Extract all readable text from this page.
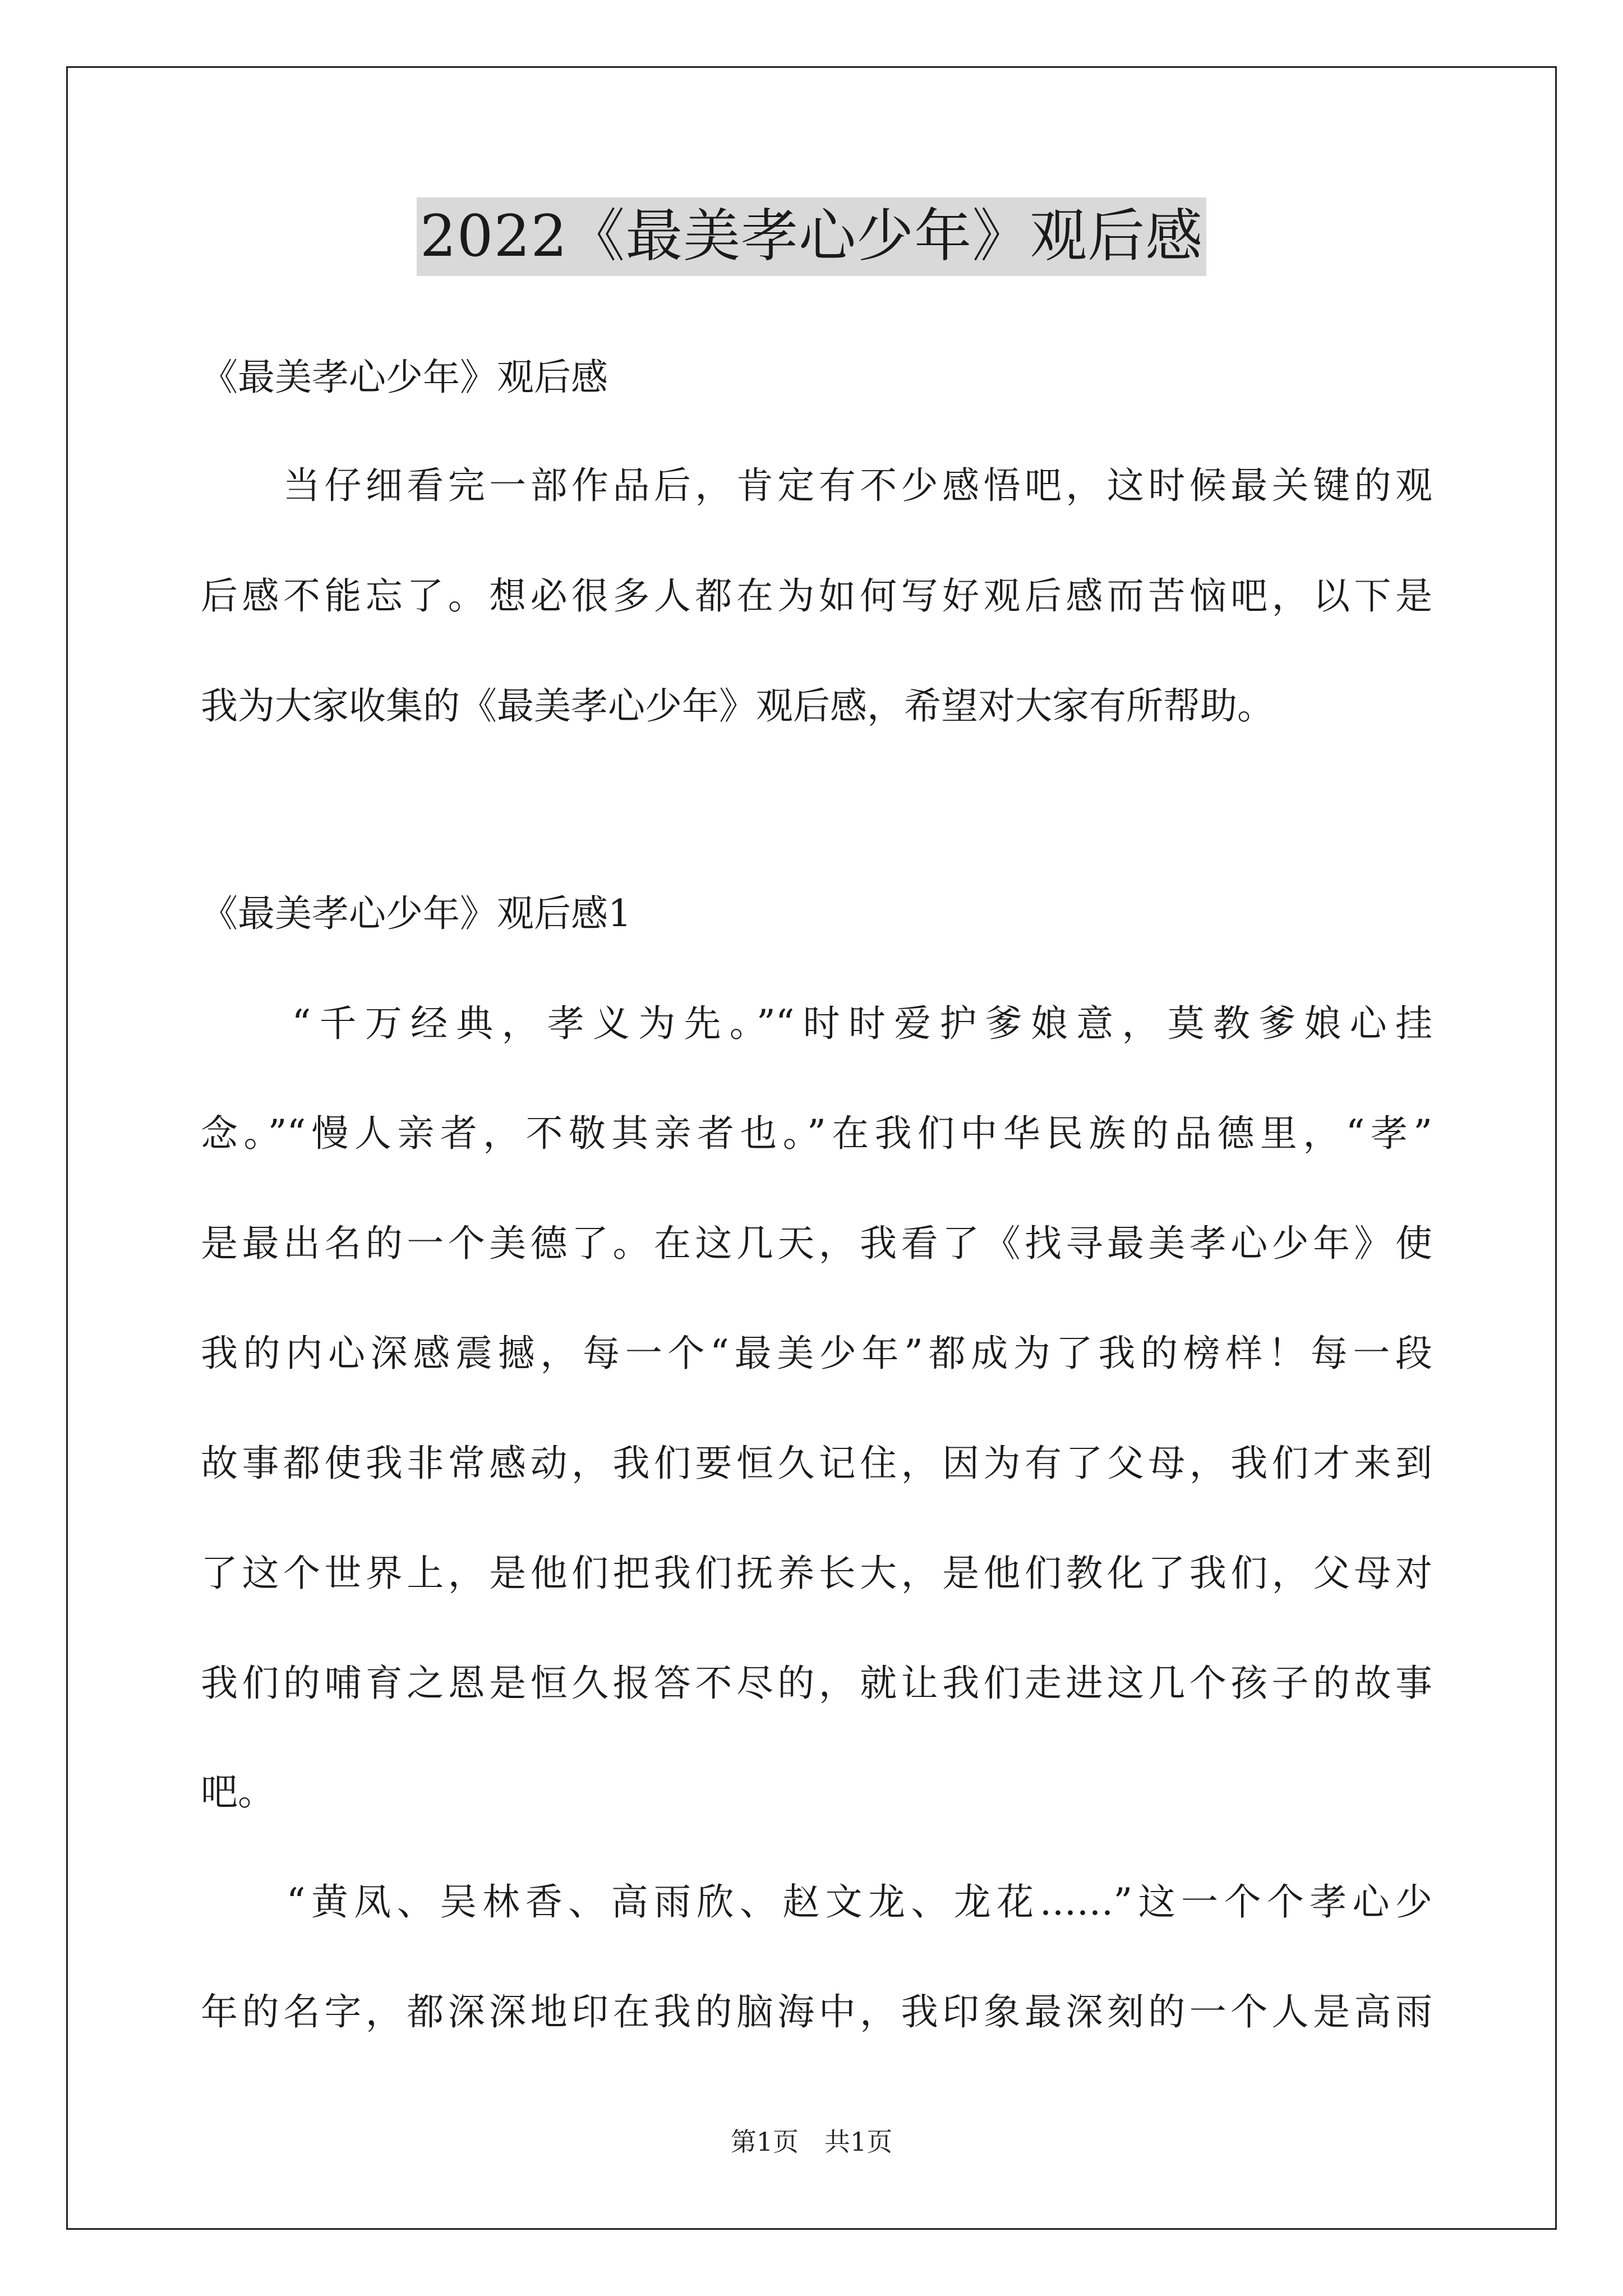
2022《最美孝心少年》观后感
《最美孝心少年》观后感
　　当仔细看完一部作品后，肯定有不少感悟吧，这时候最关键的观
后感不能忘了。想必很多人都在为如何写好观后感而苦恼吧，以下是
我为大家收集的《最美孝心少年》观后感，希望对大家有所帮助。
《最美孝心少年》观后感1
　　“千万经典，孝义为先。”“时时爱护爹娘意，莫教爹娘心挂
念。”“慢人亲者，不敬其亲者也。”在我们中华民族的品德里，“孝”
是最出名的一个美德了。在这几天，我看了《找寻最美孝心少年》使
我的内心深感震撼，每一个“最美少年”都成为了我的榜样！每一段
故事都使我非常感动，我们要恒久记住，因为有了父母，我们才来到
了这个世界上，是他们把我们抚养长大，是他们教化了我们，父母对
我们的哺育之恩是恒久报答不尽的，就让我们走进这几个孩子的故事
吧。
　　“黄凤、吴林香、高雨欣、赵文龙、龙花……”这一个个孝心少
年的名字，都深深地印在我的脑海中，我印象最深刻的一个人是高雨
第1页　共1页
